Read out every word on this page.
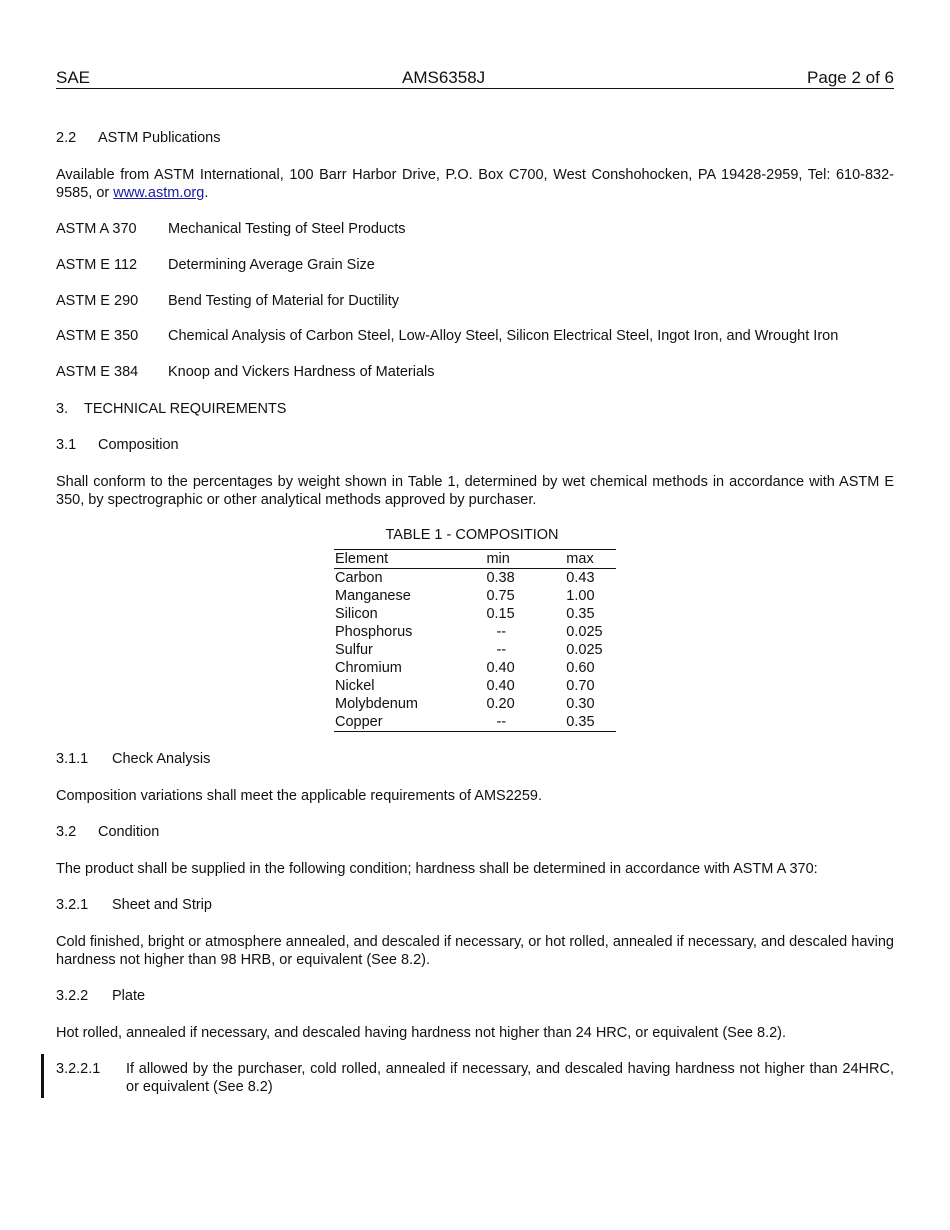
SAE	AMS6358J	Page 2 of 6
2.2 ASTM Publications
Available from ASTM International, 100 Barr Harbor Drive, P.O. Box C700, West Conshohocken, PA 19428-2959, Tel: 610-832-9585, or www.astm.org.
ASTM A 370 Mechanical Testing of Steel Products
ASTM E 112 Determining Average Grain Size
ASTM E 290 Bend Testing of Material for Ductility
ASTM E 350 Chemical Analysis of Carbon Steel, Low-Alloy Steel, Silicon Electrical Steel, Ingot Iron, and Wrought Iron
ASTM E 384 Knoop and Vickers Hardness of Materials
3. TECHNICAL REQUIREMENTS
3.1 Composition
Shall conform to the percentages by weight shown in Table 1, determined by wet chemical methods in accordance with ASTM E 350, by spectrographic or other analytical methods approved by purchaser.
TABLE 1 - COMPOSITION
Element	min	max
Carbon	0.38	0.43
Manganese	0.75	1.00
Silicon	0.15	0.35
Phosphorus	--	0.025
Sulfur	--	0.025
Chromium	0.40	0.60
Nickel	0.40	0.70
Molybdenum	0.20	0.30
Copper	--	0.35
3.1.1 Check Analysis
Composition variations shall meet the applicable requirements of AMS2259.
3.2 Condition
The product shall be supplied in the following condition; hardness shall be determined in accordance with ASTM A 370:
3.2.1 Sheet and Strip
Cold finished, bright or atmosphere annealed, and descaled if necessary, or hot rolled, annealed if necessary, and descaled having hardness not higher than 98 HRB, or equivalent (See 8.2).
3.2.2 Plate
Hot rolled, annealed if necessary, and descaled having hardness not higher than 24 HRC, or equivalent (See 8.2).
3.2.2.1	If allowed by the purchaser, cold rolled, annealed if necessary, and descaled having hardness not higher than 24HRC, or equivalent (See 8.2)
